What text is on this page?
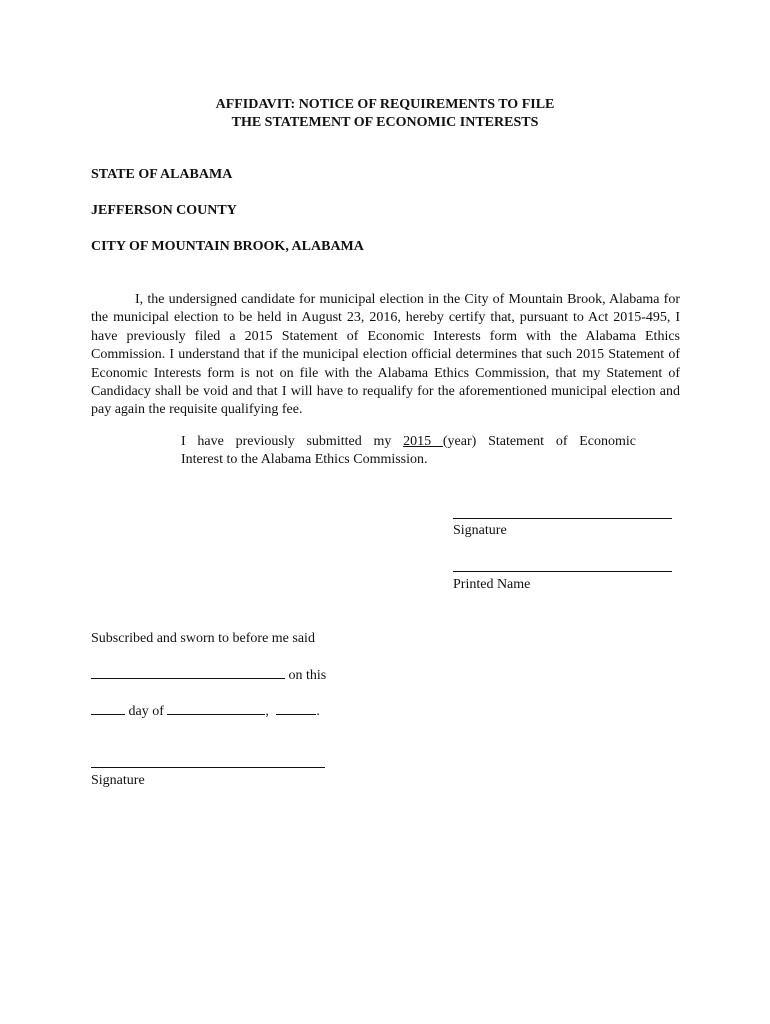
AFFIDAVIT: NOTICE OF REQUIREMENTS TO FILE
THE STATEMENT OF ECONOMIC INTERESTS
STATE OF ALABAMA
JEFFERSON COUNTY
CITY OF MOUNTAIN BROOK, ALABAMA
I, the undersigned candidate for municipal election in the City of Mountain Brook, Alabama for the municipal election to be held in August 23, 2016, hereby certify that, pursuant to Act 2015-495, I have previously filed a 2015 Statement of Economic Interests form with the Alabama Ethics Commission. I understand that if the municipal election official determines that such 2015 Statement of Economic Interests form is not on file with the Alabama Ethics Commission, that my Statement of Candidacy shall be void and that I will have to requalify for the aforementioned municipal election and pay again the requisite qualifying fee.
I have previously submitted my 2015 (year) Statement of Economic
Interest to the Alabama Ethics Commission.
Signature
Printed Name
Subscribed and sworn to before me said
on this
day of	,	.
Signature
